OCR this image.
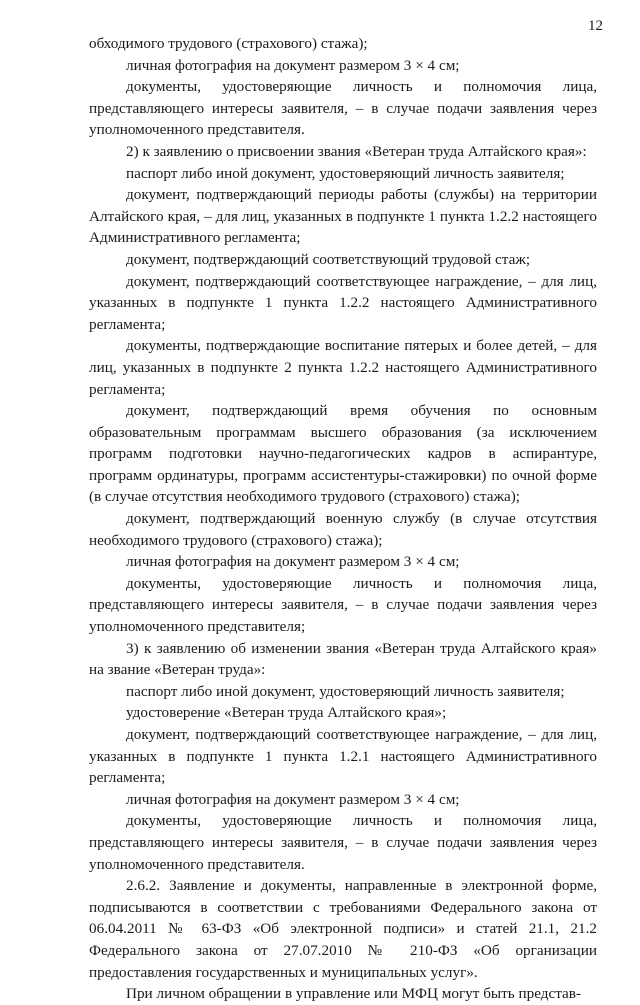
12

обходимого трудового (страхового) стажа);

личная фотография на документ размером 3 × 4 см;

документы, удостоверяющие личность и полномочия лица, представляющего интересы заявителя, – в случае подачи заявления через уполномоченного представителя.

2) к заявлению о присвоении звания «Ветеран труда Алтайского края»:

паспорт либо иной документ, удостоверяющий личность заявителя;

документ, подтверждающий периоды работы (службы) на территории Алтайского края, – для лиц, указанных в подпункте 1 пункта 1.2.2 настоящего Административного регламента;

документ, подтверждающий соответствующий трудовой стаж;

документ, подтверждающий соответствующее награждение, – для лиц, указанных в подпункте 1 пункта 1.2.2 настоящего Административного регламента;

документы, подтверждающие воспитание пятерых и более детей, – для лиц, указанных в подпункте 2 пункта 1.2.2 настоящего Административного регламента;

документ, подтверждающий время обучения по основным образовательным программам высшего образования (за исключением программ подготовки научно-педагогических кадров в аспирантуре, программ ординатуры, программ ассистентуры-стажировки) по очной форме (в случае отсутствия необходимого трудового (страхового) стажа);

документ, подтверждающий военную службу (в случае отсутствия необходимого трудового (страхового) стажа);

личная фотография на документ размером 3 × 4 см;

документы, удостоверяющие личность и полномочия лица, представляющего интересы заявителя, – в случае подачи заявления через уполномоченного представителя;

3) к заявлению об изменении звания «Ветеран труда Алтайского края» на звание «Ветеран труда»:

паспорт либо иной документ, удостоверяющий личность заявителя;

удостоверение «Ветеран труда Алтайского края»;

документ, подтверждающий соответствующее награждение, – для лиц, указанных в подпункте 1 пункта 1.2.1 настоящего Административного регламента;

личная фотография на документ размером 3 × 4 см;

документы, удостоверяющие личность и полномочия лица, представляющего интересы заявителя, – в случае подачи заявления через уполномоченного представителя.

2.6.2. Заявление и документы, направленные в электронной форме, подписываются в соответствии с требованиями Федерального закона от 06.04.2011 № 63-ФЗ «Об электронной подписи» и статей 21.1, 21.2 Федерального закона от 27.07.2010 № 210-ФЗ «Об организации предоставления государственных и муниципальных услуг».

При личном обращении в управление или МФЦ могут быть представ-
